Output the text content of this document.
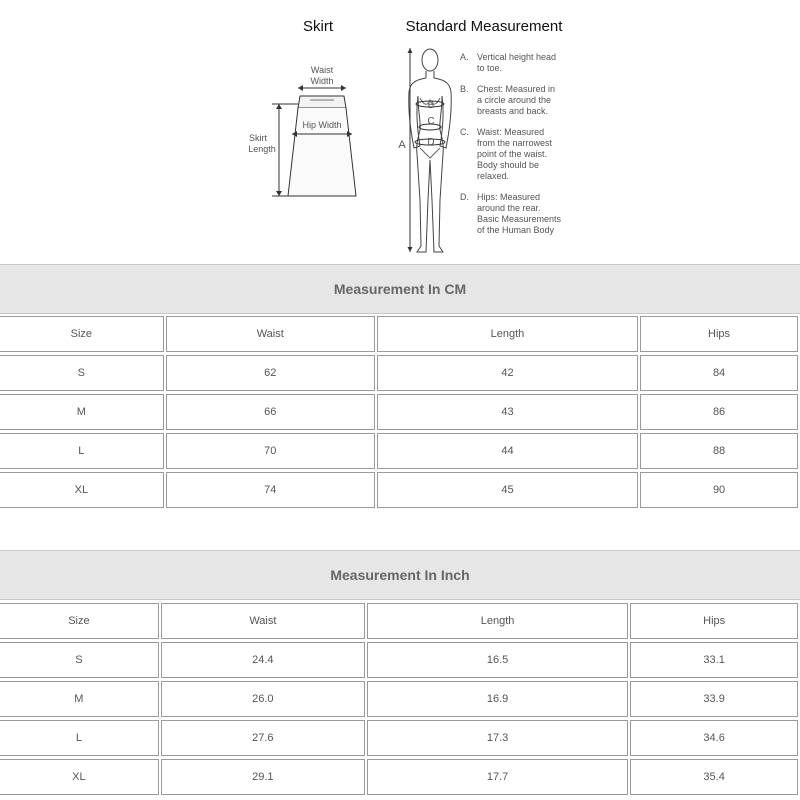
Skirt	Standard Measurement
Waist
Width
Hip Width
Skirt
Length	A
B
C
D
A. Vertical height head
to toe.
B. Chest: Measured in
a circle around the
breasts and back.
C. Waist: Measured
from the narrowest
point of the waist.
Body should be
relaxed.
D. Hips: Measured
around the rear.
Basic Measurements
of the Human Body
Measurement In CM
Size	Waist	Length	Hips
S	62	42	84
M	66	43	86
L	70	44	88
XL	74	45	90
Measurement In Inch
Size	Waist	Length	Hips
S	24.4	16.5	33.1
M	26.0	16.9	33.9
L	27.6	17.3	34.6
XL	29.1	17.7	35.4
